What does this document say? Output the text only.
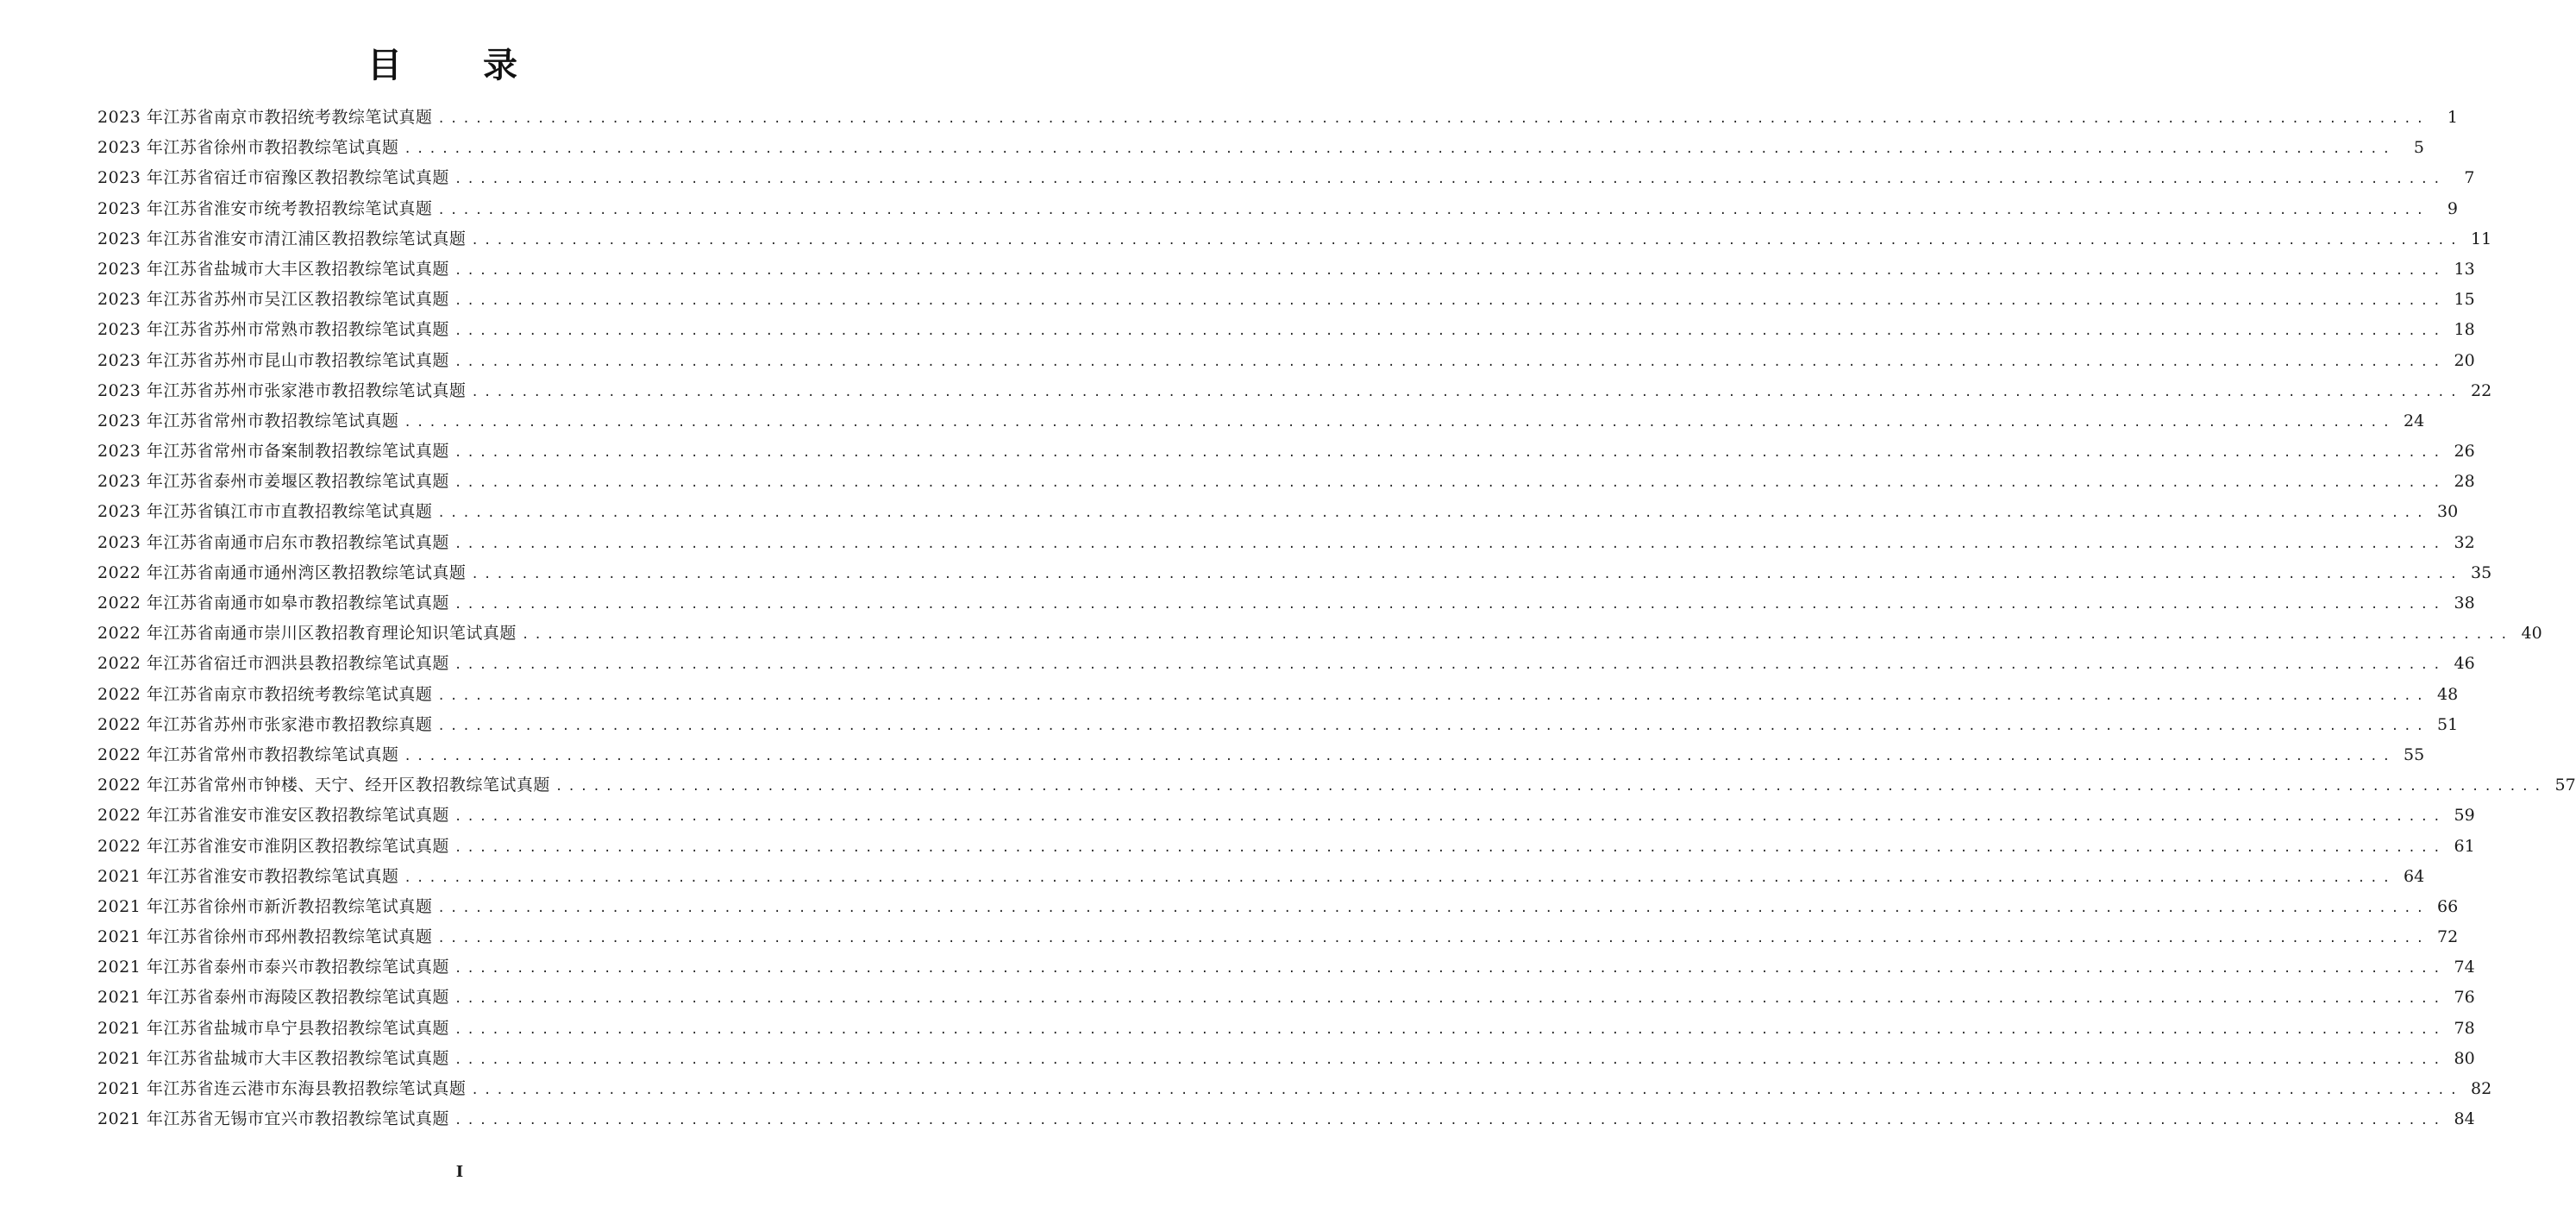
目 录
2023 年江苏省南京市教招统考教综笔试真题 ................................................................................................................................................................	1
2023 年江苏省徐州市教招教综笔试真题 ................................................................................................................................................................	5
2023 年江苏省宿迁市宿豫区教招教综笔试真题 ................................................................................................................................................................	7
2023 年江苏省淮安市统考教招教综笔试真题 ................................................................................................................................................................	9
2023 年江苏省淮安市清江浦区教招教综笔试真题 ................................................................................................................................................................ 11
2023 年江苏省盐城市大丰区教招教综笔试真题 ................................................................................................................................................................ 13
2023 年江苏省苏州市吴江区教招教综笔试真题 ................................................................................................................................................................ 15
2023 年江苏省苏州市常熟市教招教综笔试真题 ................................................................................................................................................................ 18
2023 年江苏省苏州市昆山市教招教综笔试真题 ................................................................................................................................................................ 20
2023 年江苏省苏州市张家港市教招教综笔试真题 ................................................................................................................................................................ 22
2023 年江苏省常州市教招教综笔试真题 ................................................................................................................................................................ 24
2023 年江苏省常州市备案制教招教综笔试真题 ................................................................................................................................................................ 26
2023 年江苏省泰州市姜堰区教招教综笔试真题 ................................................................................................................................................................ 28
2023 年江苏省镇江市市直教招教综笔试真题 ................................................................................................................................................................ 30
2023 年江苏省南通市启东市教招教综笔试真题 ................................................................................................................................................................ 32
2022 年江苏省南通市通州湾区教招教综笔试真题 ................................................................................................................................................................ 35
2022 年江苏省南通市如皋市教招教综笔试真题 ................................................................................................................................................................ 38
2022 年江苏省南通市崇川区教招教育理论知识笔试真题 ................................................................................................................................................................ 40
2022 年江苏省宿迁市泗洪县教招教综笔试真题 ................................................................................................................................................................ 46
2022 年江苏省南京市教招统考教综笔试真题 ................................................................................................................................................................ 48
2022 年江苏省苏州市张家港市教招教综真题 ................................................................................................................................................................ 51
2022 年江苏省常州市教招教综笔试真题 ................................................................................................................................................................ 55
2022 年江苏省常州市钟楼、天宁、经开区教招教综笔试真题 ................................................................................................................................................................ 57
2022 年江苏省淮安市淮安区教招教综笔试真题 ................................................................................................................................................................ 59
2022 年江苏省淮安市淮阴区教招教综笔试真题 ................................................................................................................................................................ 61
2021 年江苏省淮安市教招教综笔试真题 ................................................................................................................................................................ 64
2021 年江苏省徐州市新沂教招教综笔试真题 ................................................................................................................................................................ 66
2021 年江苏省徐州市邳州教招教综笔试真题 ................................................................................................................................................................ 72
2021 年江苏省泰州市泰兴市教招教综笔试真题 ................................................................................................................................................................ 74
2021 年江苏省泰州市海陵区教招教综笔试真题 ................................................................................................................................................................ 76
2021 年江苏省盐城市阜宁县教招教综笔试真题 ................................................................................................................................................................ 78
2021 年江苏省盐城市大丰区教招教综笔试真题 ................................................................................................................................................................ 80
2021 年江苏省连云港市东海县教招教综笔试真题 ................................................................................................................................................................ 82
2021 年江苏省无锡市宜兴市教招教综笔试真题 ................................................................................................................................................................ 84
I
